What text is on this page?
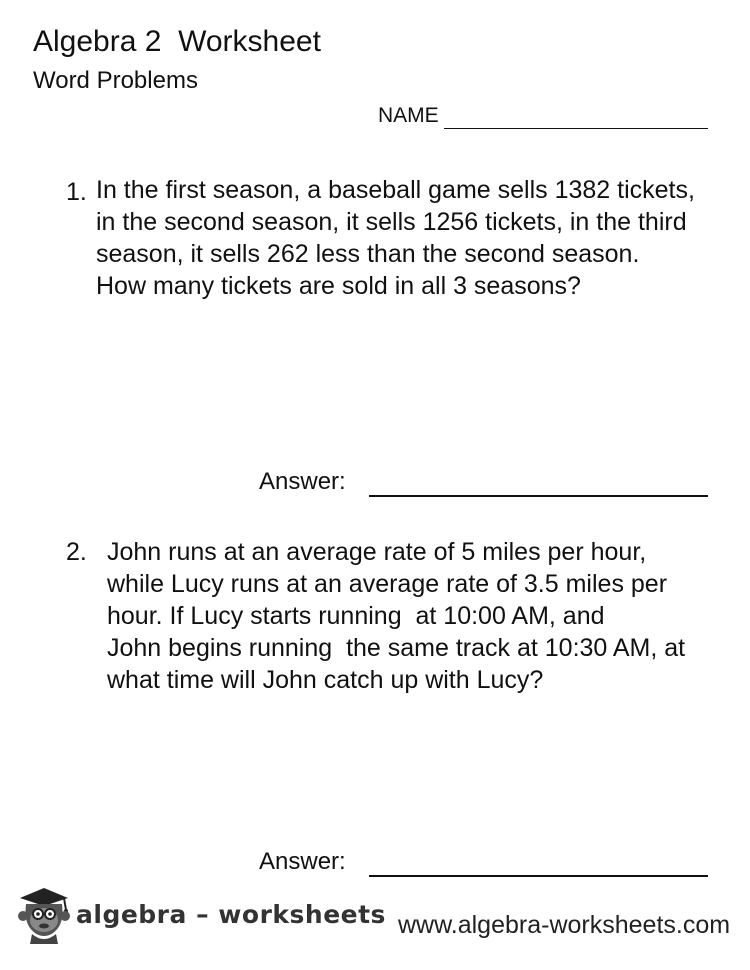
Algebra 2  Worksheet
Word Problems
NAME
1. In the first season, a baseball game sells 1382 tickets,
in the second season, it sells 1256 tickets, in the third
season, it sells 262 less than the second season.
How many tickets are sold in all 3 seasons?
Answer:
2. John runs at an average rate of 5 miles per hour,
while Lucy runs at an average rate of 3.5 miles per
hour. If Lucy starts running  at 10:00 AM, and
John begins running  the same track at 10:30 AM, at
what time will John catch up with Lucy?
Answer:
algebra – worksheets www.algebra-worksheets.com
